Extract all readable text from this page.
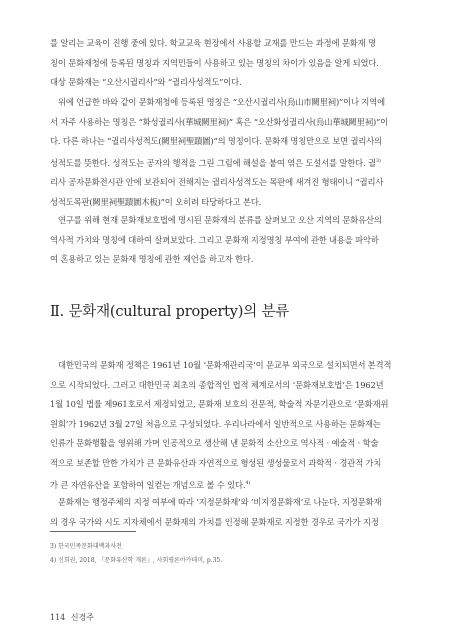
를 알리는 교육이 진행 중에 있다. 학교교육 현장에서 사용할 교재를 만드는 과정에 문화재 명
칭이 문화재청에 등록된 명칭과 지역민들이 사용하고 있는 명칭의 차이가 있음을 알게 되었다.
대상 문화재는 “오산시궐리사”와 “궐리사성적도”이다.

위에 언급한 바와 같이 문화재청에 등록된 명칭은 “오산시궐리사(烏山市闕里祠)”이나 지역에
서 자주 사용하는 명칭은 “화성궐리사(華城闕里祠)” 혹은 “오산화성궐리사(烏山華城闕里祠)”이
다. 다른 하나는 “궐리사성적도(闕里祠聖蹟圖)”의 명칭이다. 문화재 명칭만으로 보면 궐리사의
성적도를 뜻한다. 성적도는 공자의 행적을 그린 그림에 해설을 붙여 엮은 도설서를 말한다. 궐$^{3)}$
리사 공자문화전시관 안에 보관되어 전해지는 궐리사성적도는 목판에 새겨진 형태이니 “궐리사
성적도목판(闕里祠聖蹟圖木板)”이 오히려 타당하다고 본다.

연구를 위해 현재 문화재보호법에 명시된 문화재의 분류를 살펴보고 오산 지역의 문화유산의
역사적 가치와 명칭에 대하여 살펴보았다. 그리고 문화재 지정명칭 부여에 관한 내용을 파악하
여 혼용하고 있는 문화재 명칭에 관한 제언을 하고자 한다.

Ⅱ. 문화재(cultural property)의 분류

대한민국의 문화재 정책은 1961년 10월 ‘문화재관리국’이 문교부 외국으로 설치되면서 본격적
으로 시작되었다. 그러고 대한민국 최초의 종합적인 법적 체계로서의 ‘문화재보호법’은 1962년
1월 10일 법률 제961호로서 제정되었고, 문화재 보호의 전문적, 학술적 자문기관으로 ‘문화재위
원회’가 1962년 3월 27일 처음으로 구성되었다. 우리나라에서 일반적으로 사용하는 문화재는
인류가 문화행활을 영위해 가며 인공적으로 생산해 낸 문화적 소산으로 역사적 · 예술적 · 학술
적으로 보존할 만한 가치가 큰 문화유산과 자연적으로 형성된 생성물로서 과학적 · 경관적 가치
가 큰 자연유산을 포함하여 일컫는 개념으로 볼 수 있다.$^{4)}$

문화재는 행정주체의 지정 여부에 따라 ‘지정문화재’와 ‘비지정문화재’로 나눈다. 지정문화재
의 경우 국가와 시도 지자체에서 문화재의 가치를 인정해 문화재로 지정한 경우로 국가가 지정

3) 한국민족문화대백과사전

4) 신희권, 2018, 『문화유산학 개론』, 사회평론아카데미, p.35.

114 신경주
